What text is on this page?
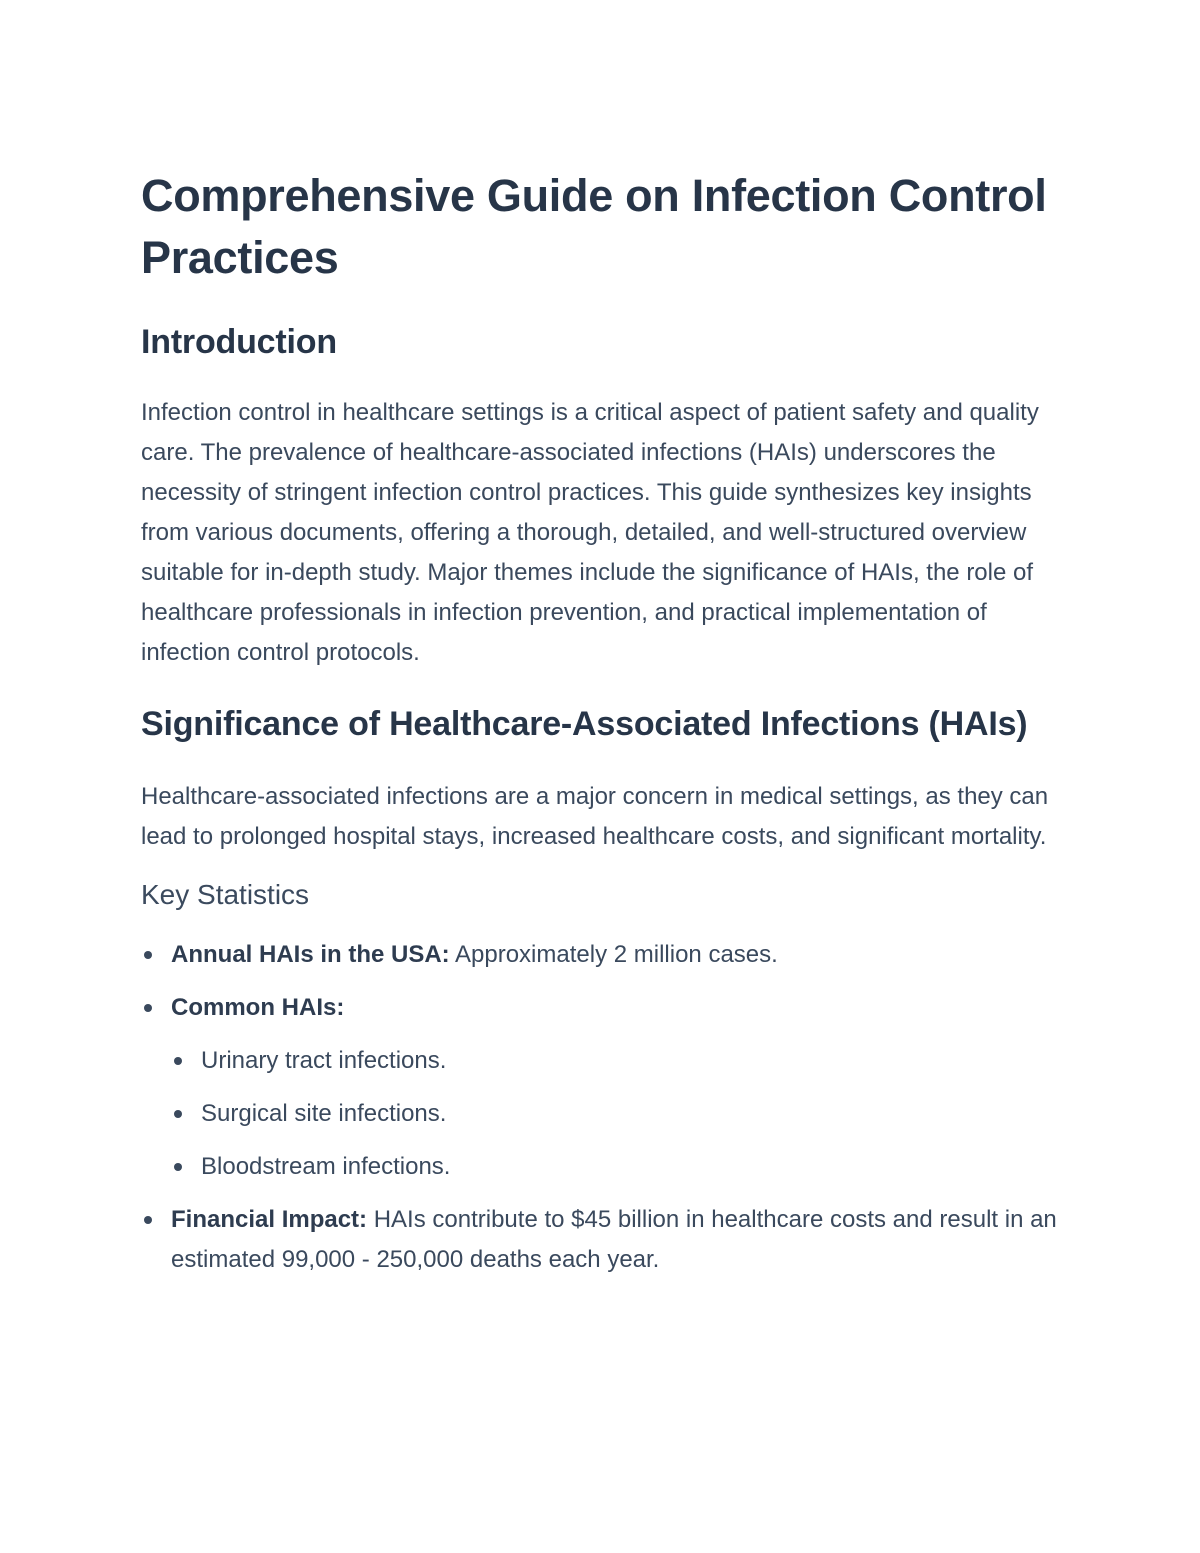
Comprehensive Guide on Infection Control Practices
Introduction

Infection control in healthcare settings is a critical aspect of patient safety and quality care. The prevalence of healthcare-associated infections (HAIs) underscores the necessity of stringent infection control practices. This guide synthesizes key insights from various documents, offering a thorough, detailed, and well-structured overview suitable for in-depth study. Major themes include the significance of HAIs, the role of healthcare professionals in infection prevention, and practical implementation of infection control protocols.

Significance of Healthcare-Associated Infections (HAIs)

Healthcare-associated infections are a major concern in medical settings, as they can lead to prolonged hospital stays, increased healthcare costs, and significant mortality.

Key Statistics
Annual HAIs in the USA: Approximately 2 million cases.
Common HAIs:
Urinary tract infections.
Surgical site infections.
Bloodstream infections.
Financial Impact: HAIs contribute to $45 billion in healthcare costs and result in an estimated 99,000 - 250,000 deaths each year.
